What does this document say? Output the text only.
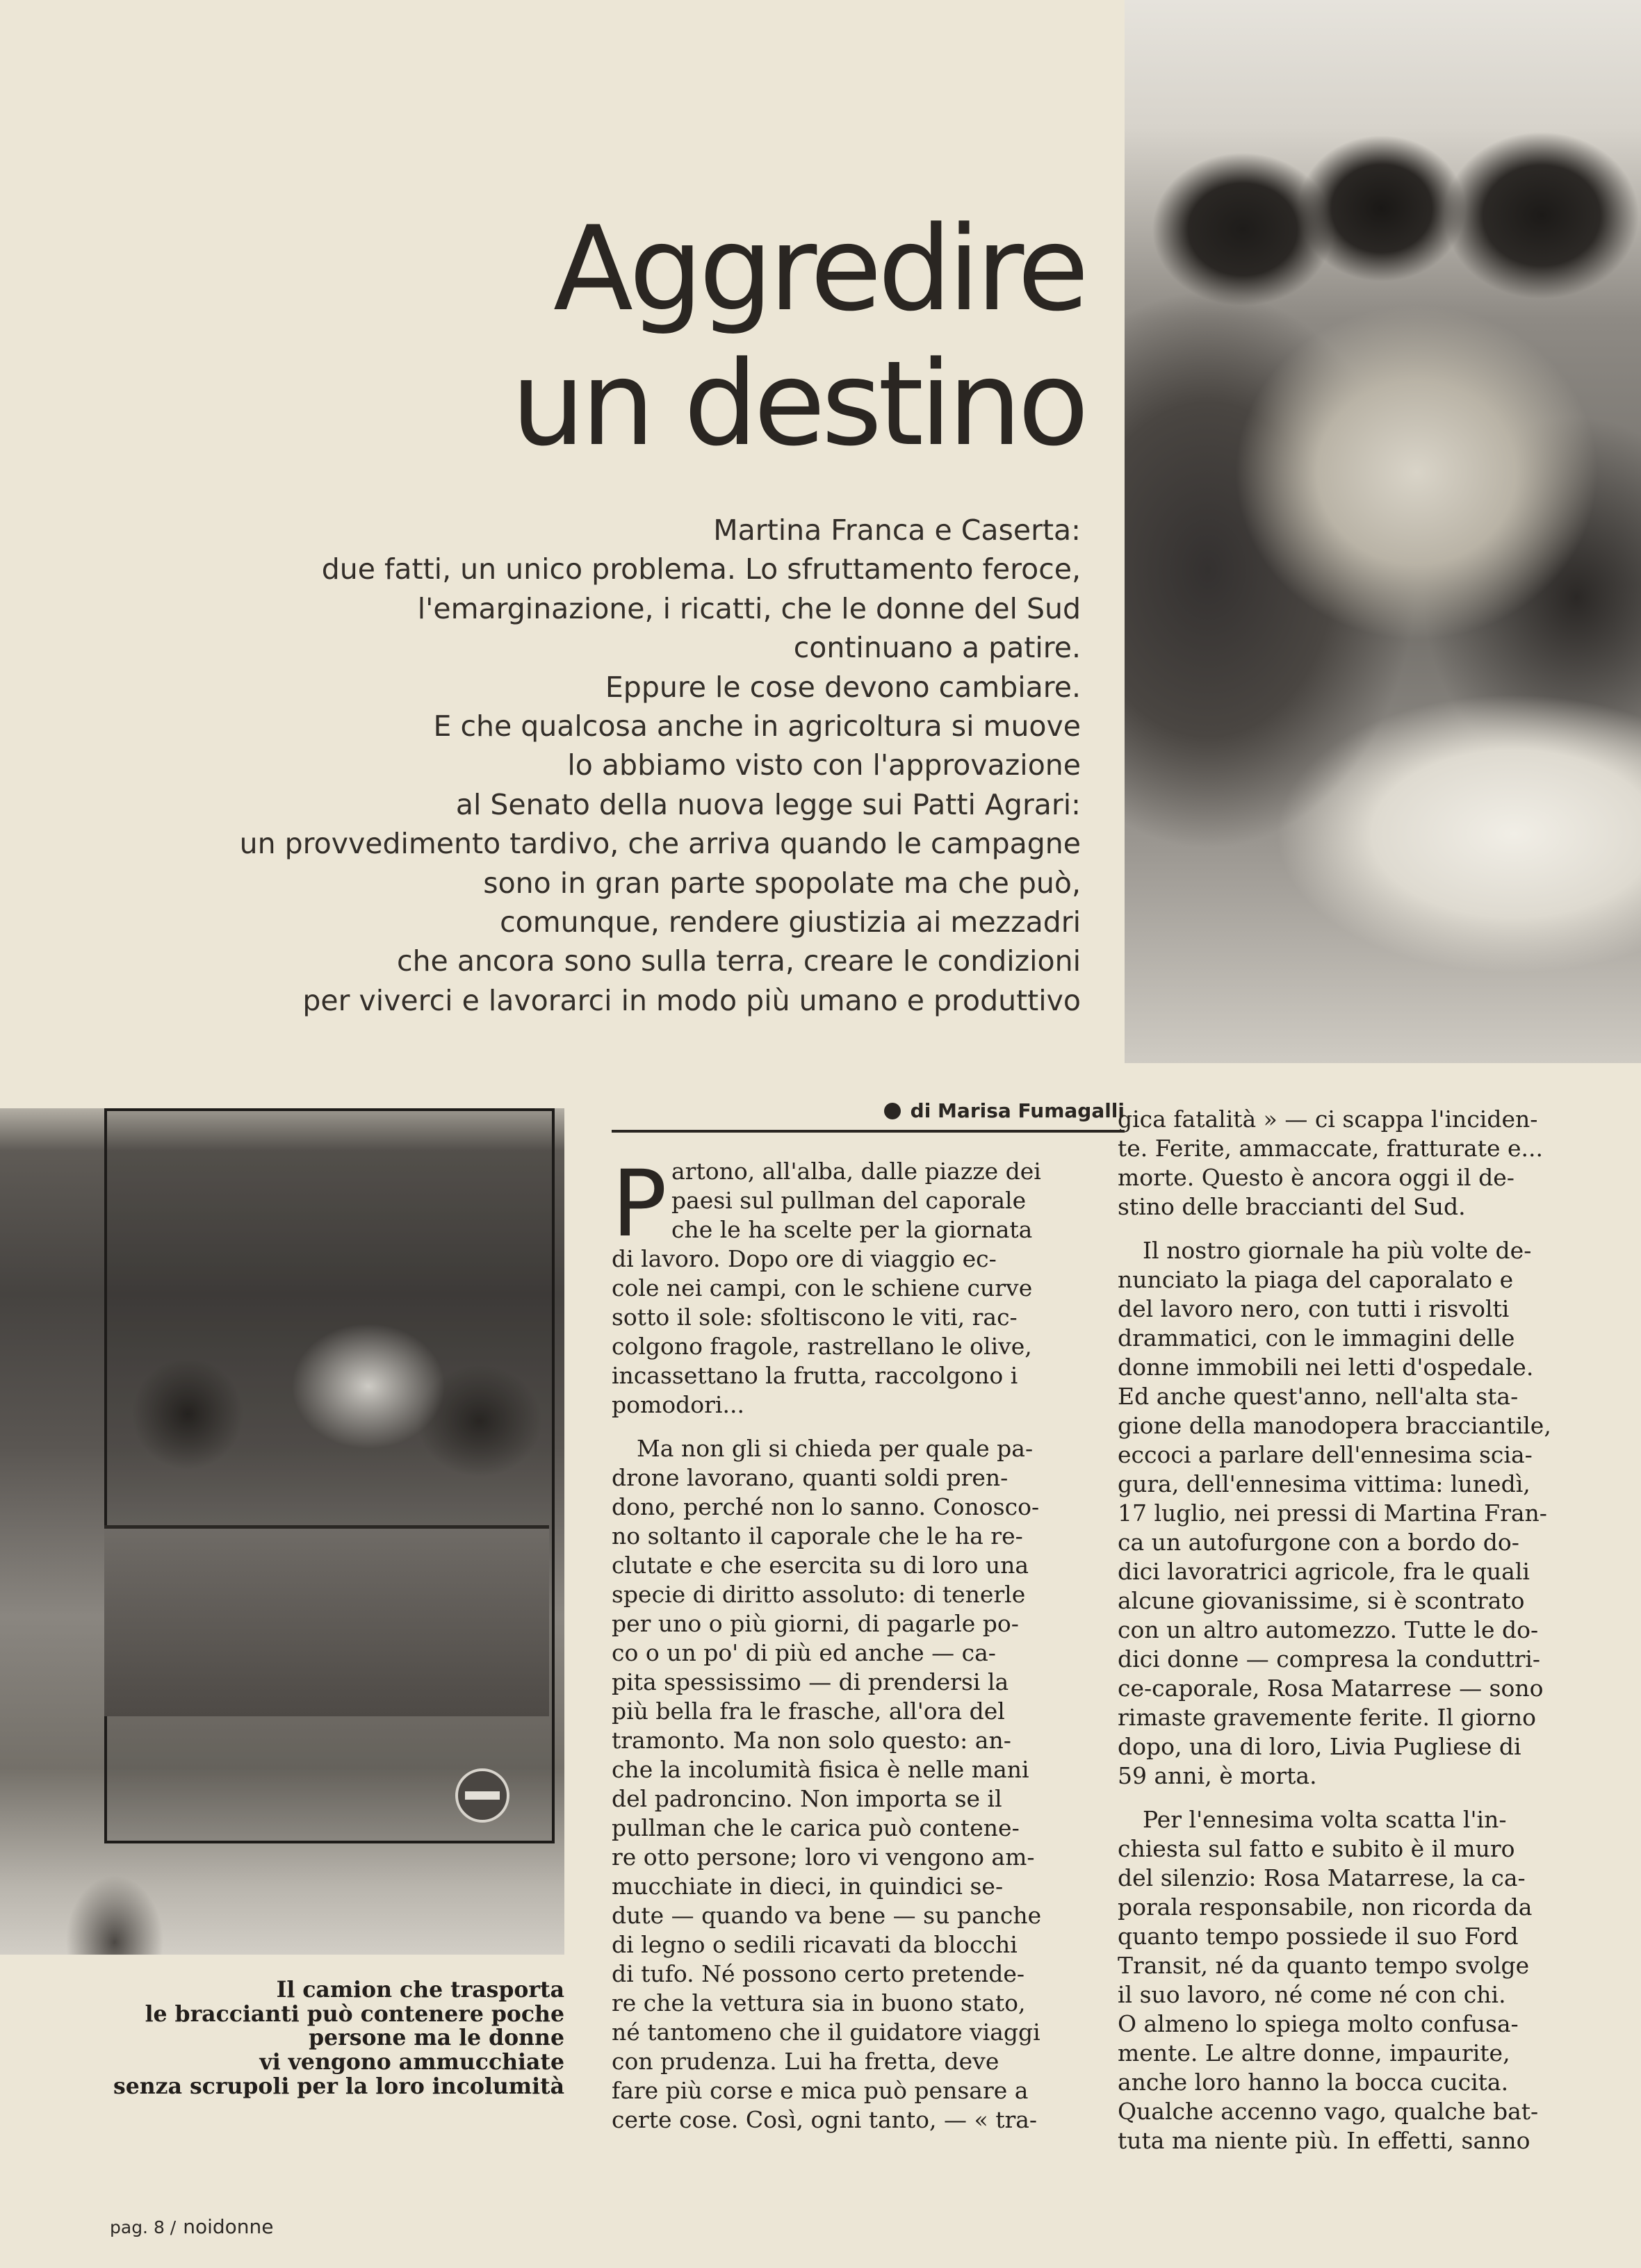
Aggredire
un destino
Martina Franca e Caserta:
due fatti, un unico problema. Lo sfruttamento feroce,
l'emarginazione, i ricatti, che le donne del Sud
continuano a patire.
Eppure le cose devono cambiare.
E che qualcosa anche in agricoltura si muove
lo abbiamo visto con l'approvazione
al Senato della nuova legge sui Patti Agrari:
un provvedimento tardivo, che arriva quando le campagne
sono in gran parte spopolate ma che può,
comunque, rendere giustizia ai mezzadri
che ancora sono sulla terra, creare le condizioni
per viverci e lavorarci in modo più umano e produttivo
Il camion che trasporta
le braccianti può contenere poche
persone ma le donne
vi vengono ammucchiate
senza scrupoli per la loro incolumità
di Marisa Fumagalli
P artono, all'alba, dalle piazze dei
paesi sul pullman del caporale
che le ha scelte per la giornata
di lavoro. Dopo ore di viaggio ec-
cole nei campi, con le schiene curve
sotto il sole: sfoltiscono le viti, rac-
colgono fragole, rastrellano le olive,
incassettano la frutta, raccolgono i
pomodori...
Ma non gli si chieda per quale pa-
drone lavorano, quanti soldi pren-
dono, perché non lo sanno. Conosco-
no soltanto il caporale che le ha re-
clutate e che esercita su di loro una
specie di diritto assoluto: di tenerle
per uno o più giorni, di pagarle po-
co o un po' di più ed anche — ca-
pita spessissimo — di prendersi la
più bella fra le frasche, all'ora del
tramonto. Ma non solo questo: an-
che la incolumità fisica è nelle mani
del padroncino. Non importa se il
pullman che le carica può contene-
re otto persone; loro vi vengono am-
mucchiate in dieci, in quindici se-
dute — quando va bene — su panche
di legno o sedili ricavati da blocchi
di tufo. Né possono certo pretende-
re che la vettura sia in buono stato,
né tantomeno che il guidatore viaggi
con prudenza. Lui ha fretta, deve
fare più corse e mica può pensare a
certe cose. Così, ogni tanto, — « tra-
gica fatalità » — ci scappa l'inciden-
te. Ferite, ammaccate, fratturate e...
morte. Questo è ancora oggi il de-
stino delle braccianti del Sud.
Il nostro giornale ha più volte de-
nunciato la piaga del caporalato e
del lavoro nero, con tutti i risvolti
drammatici, con le immagini delle
donne immobili nei letti d'ospedale.
Ed anche quest'anno, nell'alta sta-
gione della manodopera bracciantile,
eccoci a parlare dell'ennesima scia-
gura, dell'ennesima vittima: lunedì,
17 luglio, nei pressi di Martina Fran-
ca un autofurgone con a bordo do-
dici lavoratrici agricole, fra le quali
alcune giovanissime, si è scontrato
con un altro automezzo. Tutte le do-
dici donne — compresa la conduttri-
ce-caporale, Rosa Matarrese — sono
rimaste gravemente ferite. Il giorno
dopo, una di loro, Livia Pugliese di
59 anni, è morta.
Per l'ennesima volta scatta l'in-
chiesta sul fatto e subito è il muro
del silenzio: Rosa Matarrese, la ca-
porala responsabile, non ricorda da
quanto tempo possiede il suo Ford
Transit, né da quanto tempo svolge
il suo lavoro, né come né con chi.
O almeno lo spiega molto confusa-
mente. Le altre donne, impaurite,
anche loro hanno la bocca cucita.
Qualche accenno vago, qualche bat-
tuta ma niente più. In effetti, sanno
pag. 8 / noidonne
